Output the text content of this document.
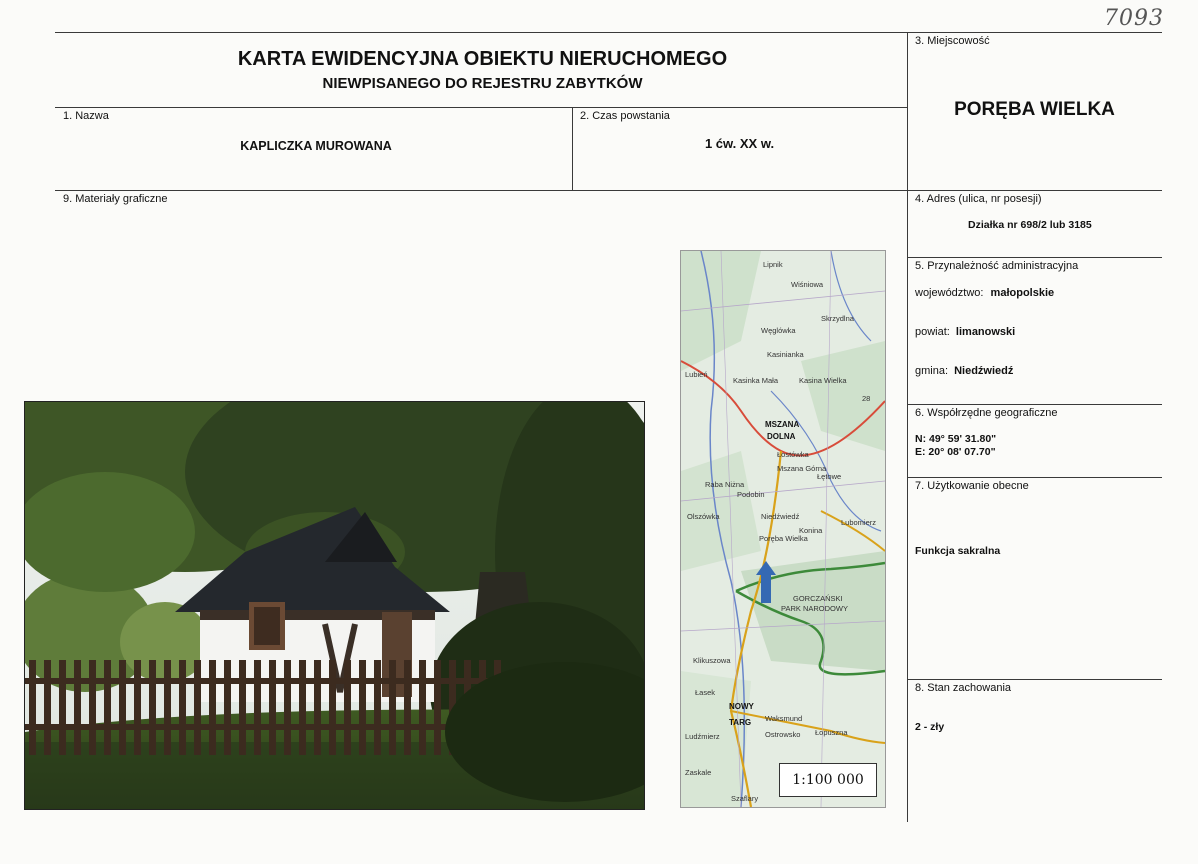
7093
KARTA EWIDENCYJNA OBIEKTU NIERUCHOMEGO
NIEWPISANEGO DO REJESTRU ZABYTKÓW
1. Nazwa
KAPLICZKA MUROWANA
2. Czas powstania
1 ćw. XX w.
3. Miejscowość
PORĘBA WIELKA
9. Materiały graficzne	4. Adres (ulica, nr posesji)
Działka nr 698/2 lub 3185
5. Przynależność administracyjna
województwo: małopolskie
powiat: limanowski
gmina: Niedźwiedź
6. Współrzędne geograficzne
N: 49° 59' 31.80"
E: 20° 08' 07.70"
7. Użytkowanie obecne
Funkcja sakralna
8. Stan zachowania
2 - zły
Lipnik
Wiśniowa
Skrzydlna
Węglówka
Kasinianka
Lubień
Kasinka Mała	Kasina Wielka
MSZANA
DOLNA
Łostówka
Mszana Górna
Łętowe
Raba Niżna
Podobin
Olszówka	Niedźwiedź
Konina
Lubomierz
Poręba Wielka
GORCZAŃSKI
PARK NARODOWY
Klikuszowa
Łasek
NOWY
TARG Waksmund
Ostrowsko Łopuszna
Ludźmierz
Szaflary
Zaskale
28
1:100 000
